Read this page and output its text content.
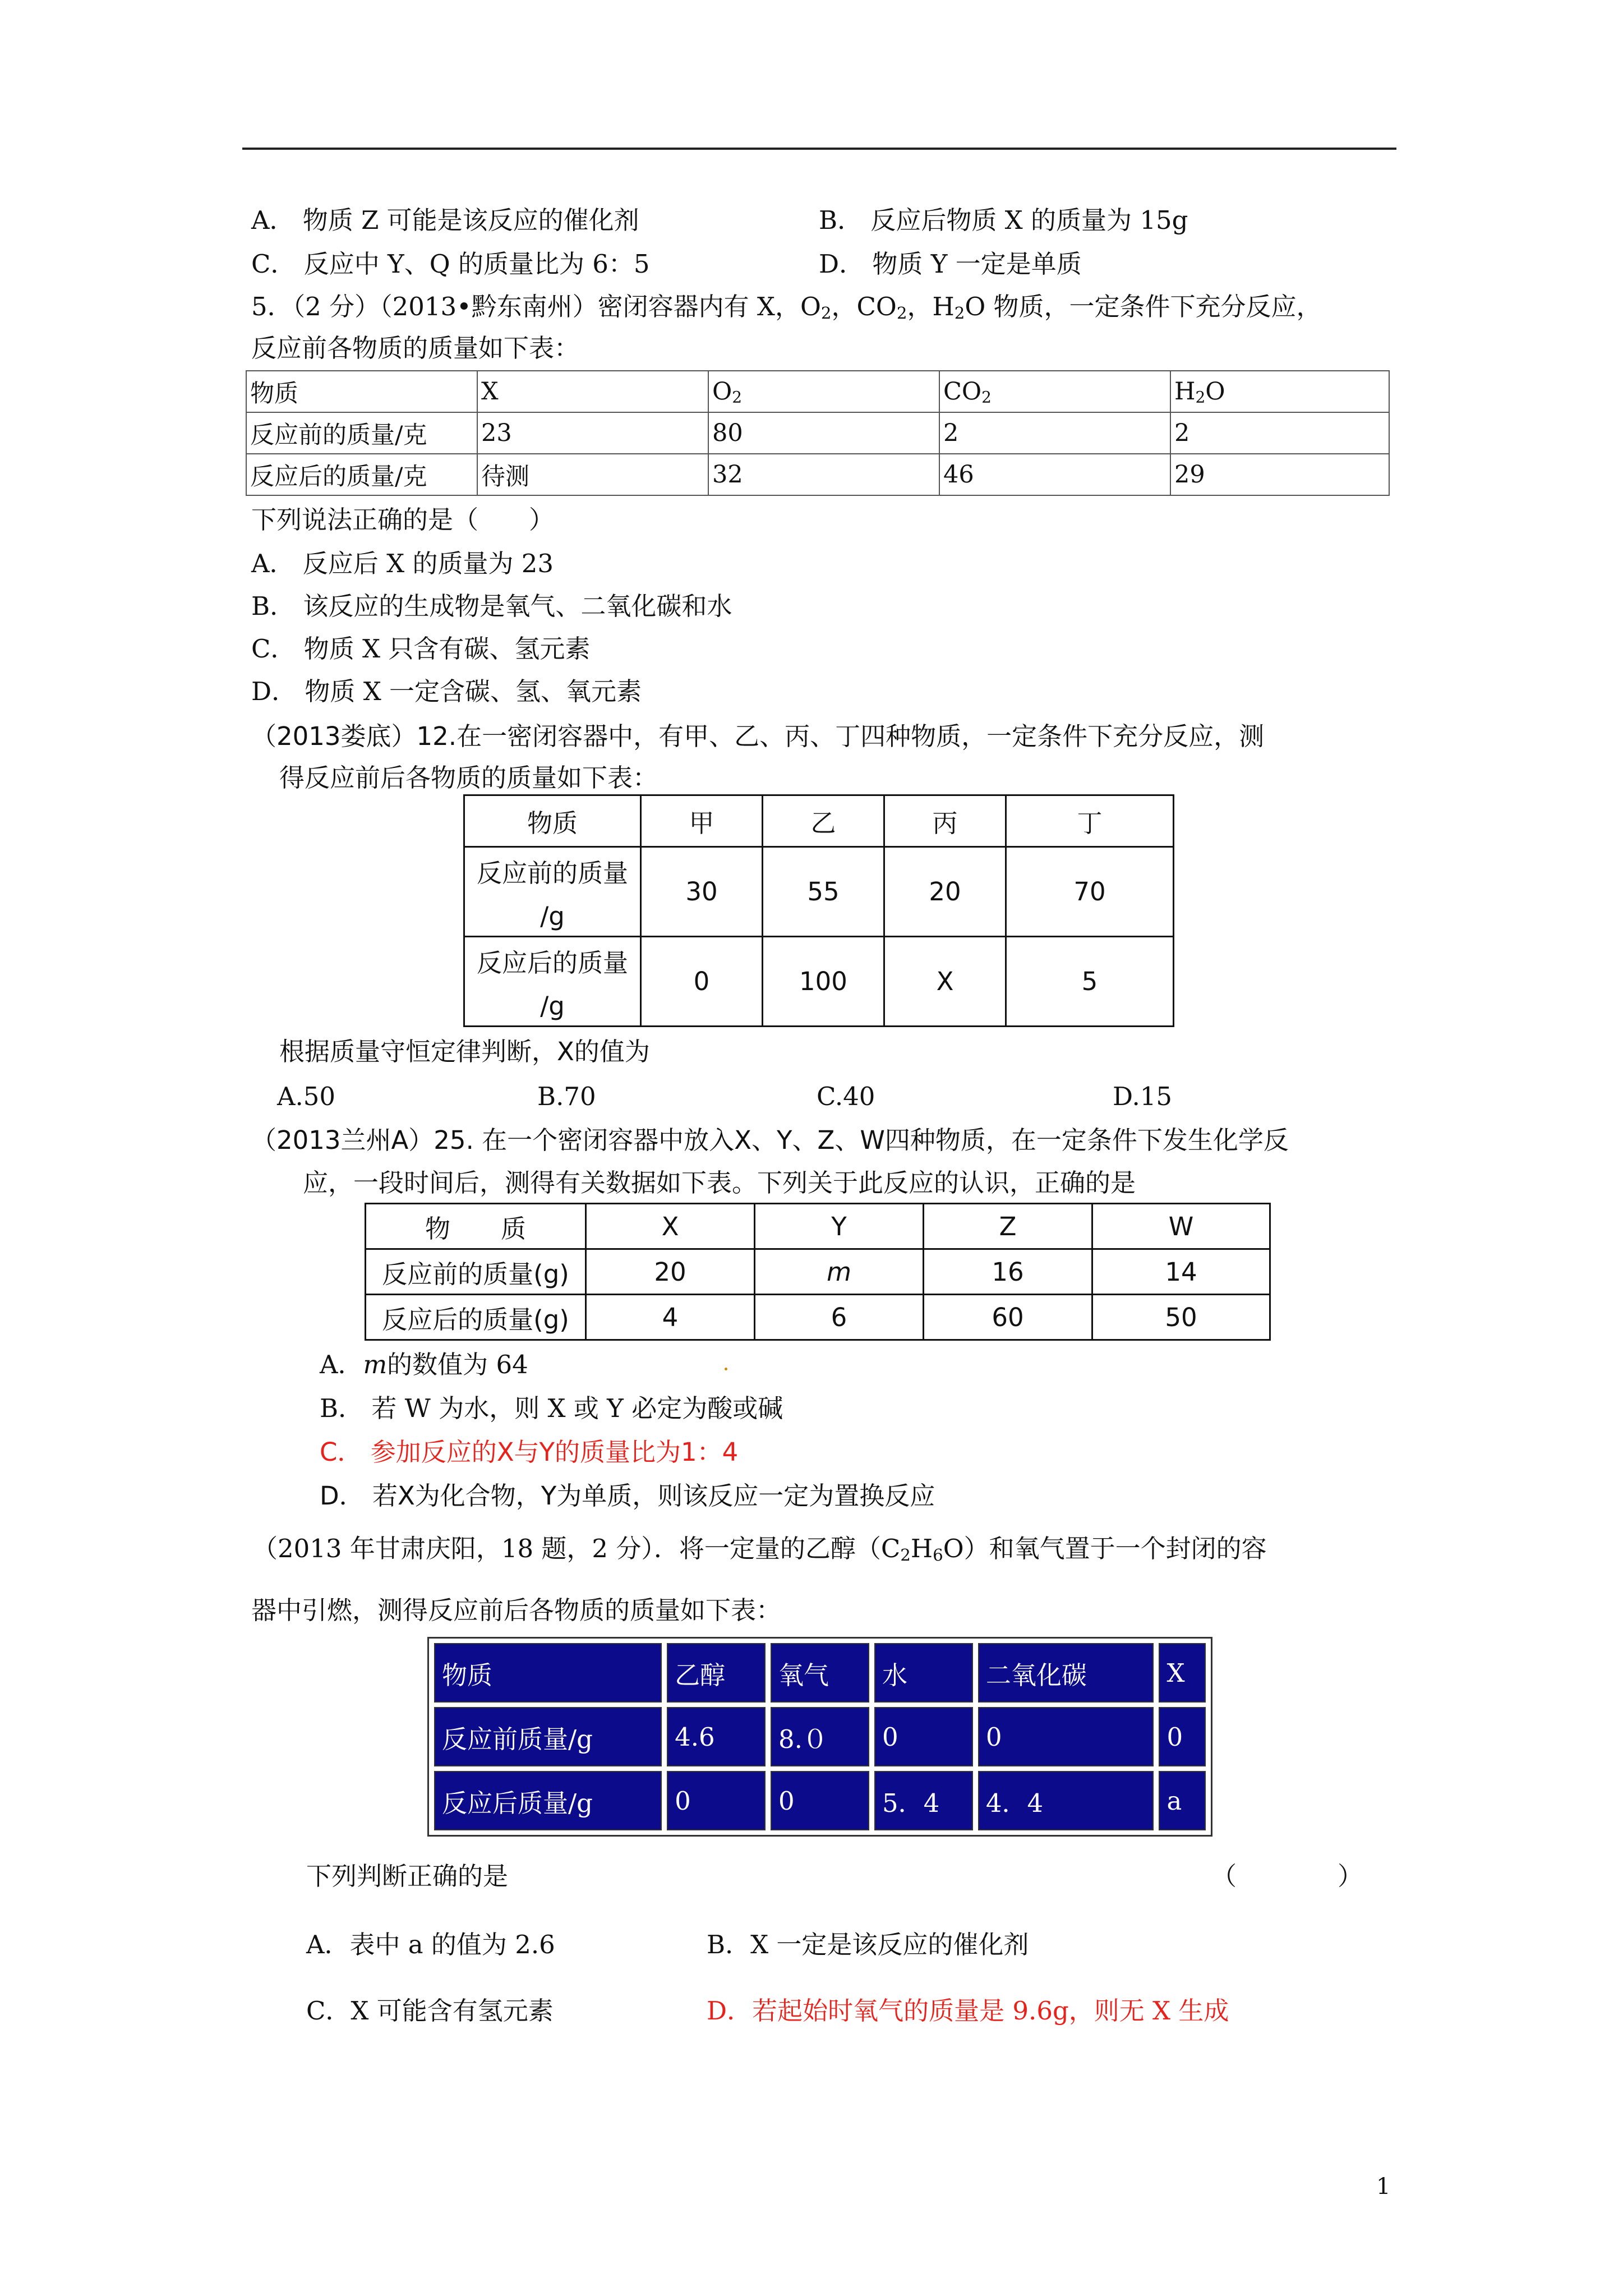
A． 物质 Z 可能是该反应的催化剂	B． 反应后物质 X 的质量为 15g
C． 反应中 Y、Q 的质量比为 6：5	D． 物质 Y 一定是单质
5．（2 分）（2013•黔东南州）密闭容器内有 X，$O_2$，$CO_2$，$H_2O$ 物质，一定条件下充分反应，
反应前各物质的质量如下表：
物质	X	$O_2$	$CO_2$	$H_2O$
反应前的质量/克	23	80	2	2
反应后的质量/克	待测	32	46	29
下列说法正确的是（　　）
A． 反应后 X 的质量为 23
B． 该反应的生成物是氧气、二氧化碳和水
C． 物质 X 只含有碳、氢元素
D． 物质 X 一定含碳、氢、氧元素
（2013娄底）12.在一密闭容器中，有甲、乙、丙、丁四种物质，一定条件下充分反应，测
得反应前后各物质的质量如下表：
物质	甲	乙	丙	丁

反应前的质量
/g	30	55	20	70

反应后的质量
/g	0	100	X	5
根据质量守恒定律判断，X的值为
A.50	B.70	C.40	D.15
（2013兰州A）25. 在一个密闭容器中放入X、Y、Z、W四种物质，在一定条件下发生化学反
应，一段时间后，测得有关数据如下表。下列关于此反应的认识，正确的是
物　　质	X	Y	Z	W
反应前的质量(g)	20	m	16	14
反应后的质量(g)	4	6	60	50
A．m的数值为 64
B． 若 W 为水，则 X 或 Y 必定为酸或碱
C． 参加反应的X与Y的质量比为1：4
D． 若X为化合物，Y为单质，则该反应一定为置换反应
（2013 年甘肃庆阳，18 题，2 分）．将一定量的乙醇$(C_2H_6O)$和氧气置于一个封闭的容
器中引燃，测得反应前后各物质的质量如下表：
物质	乙醇	氧气	水	二氧化碳	X
反应前质量/g	4.6	8.０	0	0	0
反应后质量/g	0	0	5．4	4．4	a
下列判断正确的是	（　　　　）
A．表中 a 的值为 2.6	B．X 一定是该反应的催化剂
C．X 可能含有氢元素	D．若起始时氧气的质量是 9.6g，则无 X 生成
1
